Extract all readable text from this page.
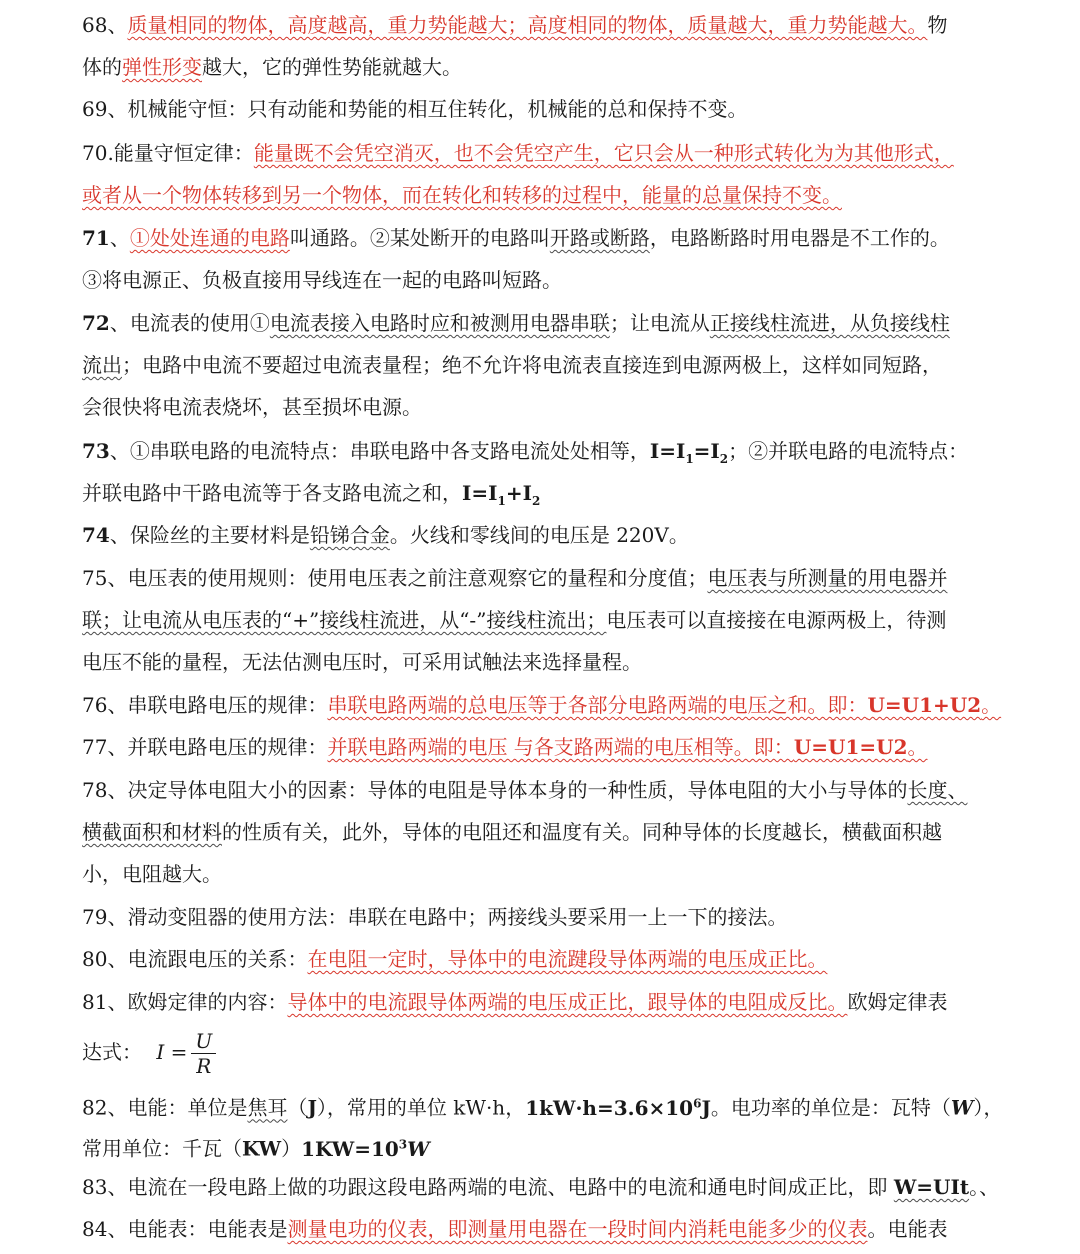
68、质量相同的物体，高度越高，重力势能越大；高度相同的物体，质量越大，重力势能越大。物
体的弹性形变越大，它的弹性势能就越大。
69、机械能守恒：只有动能和势能的相互住转化，机械能的总和保持不变。
70.能量守恒定律：能量既不会凭空消灭，也不会凭空产生，它只会从一种形式转化为为其他形式，
或者从一个物体转移到另一个物体，而在转化和转移的过程中，能量的总量保持不变。
71、①处处连通的电路叫通路。②某处断开的电路叫开路或断路，电路断路时用电器是不工作的。
③将电源正、负极直接用导线连在一起的电路叫短路。
72、电流表的使用①电流表接入电路时应和被测用电器串联；让电流从正接线柱流进，从负接线柱
流出；电路中电流不要超过电流表量程；绝不允许将电流表直接连到电源两极上，这样如同短路，
会很快将电流表烧坏，甚至损坏电源。
73、①串联电路的电流特点：串联电路中各支路电流处处相等，$I=I_1=I_2$；②并联电路的电流特点：
并联电路中干路电流等于各支路电流之和，$I=I_1+I_2$
74、保险丝的主要材料是铅锑合金。火线和零线间的电压是 220V。
75、电压表的使用规则：使用电压表之前注意观察它的量程和分度值；电压表与所测量的用电器并
联；让电流从电压表的“+”接线柱流进，从“-”接线柱流出；电压表可以直接接在电源两极上，待测
电压不能的量程，无法估测电压时，可采用试触法来选择量程。
76、串联电路电压的规律：串联电路两端的总电压等于各部分电路两端的电压之和。即：U=U1+U2。
77、并联电路电压的规律：并联电路两端的电压 与各支路两端的电压相等。即：U=U1=U2。
78、决定导体电阻大小的因素：导体的电阻是导体本身的一种性质，导体电阻的大小与导体的长度、
横截面积和材料的性质有关，此外，导体的电阻还和温度有关。同种导体的长度越长，横截面积越
小，电阻越大。
79、滑动变阻器的使用方法：串联在电路中；两接线头要采用一上一下的接法。
80、电流跟电压的关系：在电阻一定时，导体中的电流踺段导体两端的电压成正比。
81、欧姆定律的内容：导体中的电流跟导体两端的电压成正比，跟导体的电阻成反比。欧姆定律表
达式： $I = \frac{U}{R}$
82、电能：单位是焦耳（J），常用的单位 kW·h，$1kW\cdot h=3.6\times 10^6J$。电功率的单位是：瓦特（W），
常用单位：千瓦$(KW)1KW=10^3W$
83、电流在一段电路上做的功跟这段电路两端的电流、电路中的电流和通电时间成正比，即 W=UIt。、
84、电能表：电能表是测量电功的仪表，即测量用电器在一段时间内消耗电能多少的仪表。电能表
